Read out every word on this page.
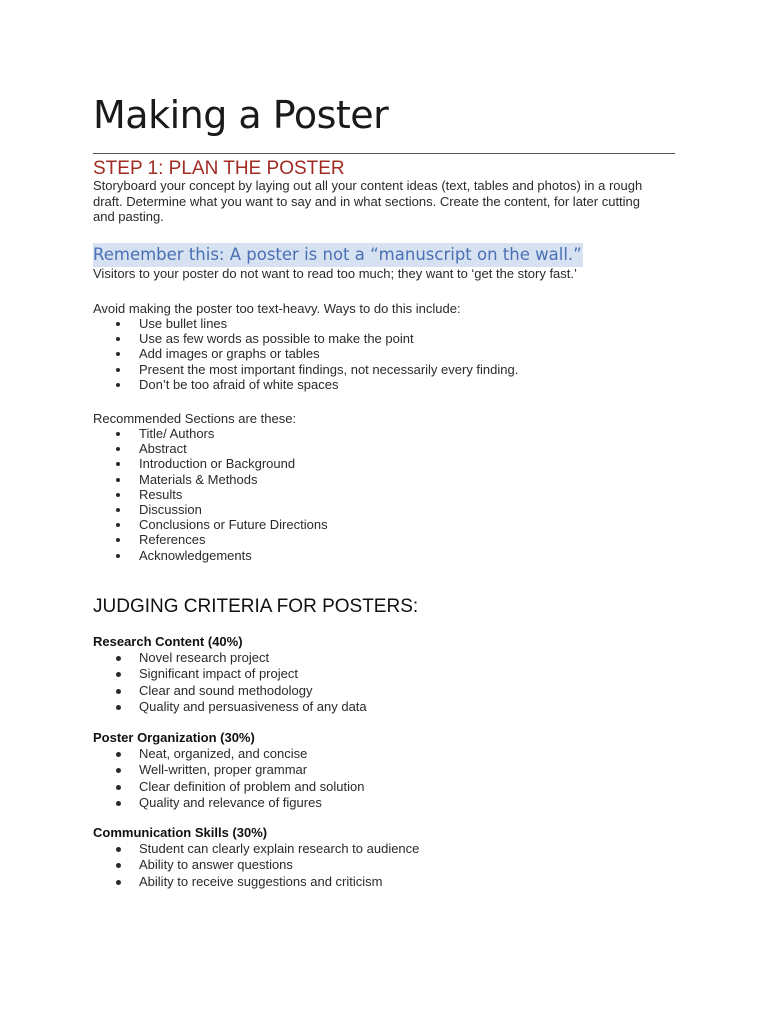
Making a Poster
STEP 1: PLAN THE POSTER

Storyboard your concept by laying out all your content ideas (text, tables and photos) in a rough draft. Determine what you want to say and in what sections. Create the content, for later cutting and pasting.

Remember this: A poster is not a “manuscript on the wall.”

Visitors to your poster do not want to read too much; they want to ‘get the story fast.’

Avoid making the poster too text-heavy. Ways to do this include:

Use bullet lines
Use as few words as possible to make the point
Add images or graphs or tables
Present the most important findings, not necessarily every finding.
Don’t be too afraid of white spaces

Recommended Sections are these:

Title/ Authors
Abstract
Introduction or Background
Materials & Methods
Results
Discussion
Conclusions or Future Directions
References
Acknowledgements
JUDGING CRITERIA FOR POSTERS:
Research Content (40%)
Novel research project
Significant impact of project
Clear and sound methodology
Quality and persuasiveness of any data
Poster Organization (30%)
Neat, organized, and concise
Well-written, proper grammar
Clear definition of problem and solution
Quality and relevance of figures
Communication Skills (30%)
Student can clearly explain research to audience
Ability to answer questions
Ability to receive suggestions and criticism
